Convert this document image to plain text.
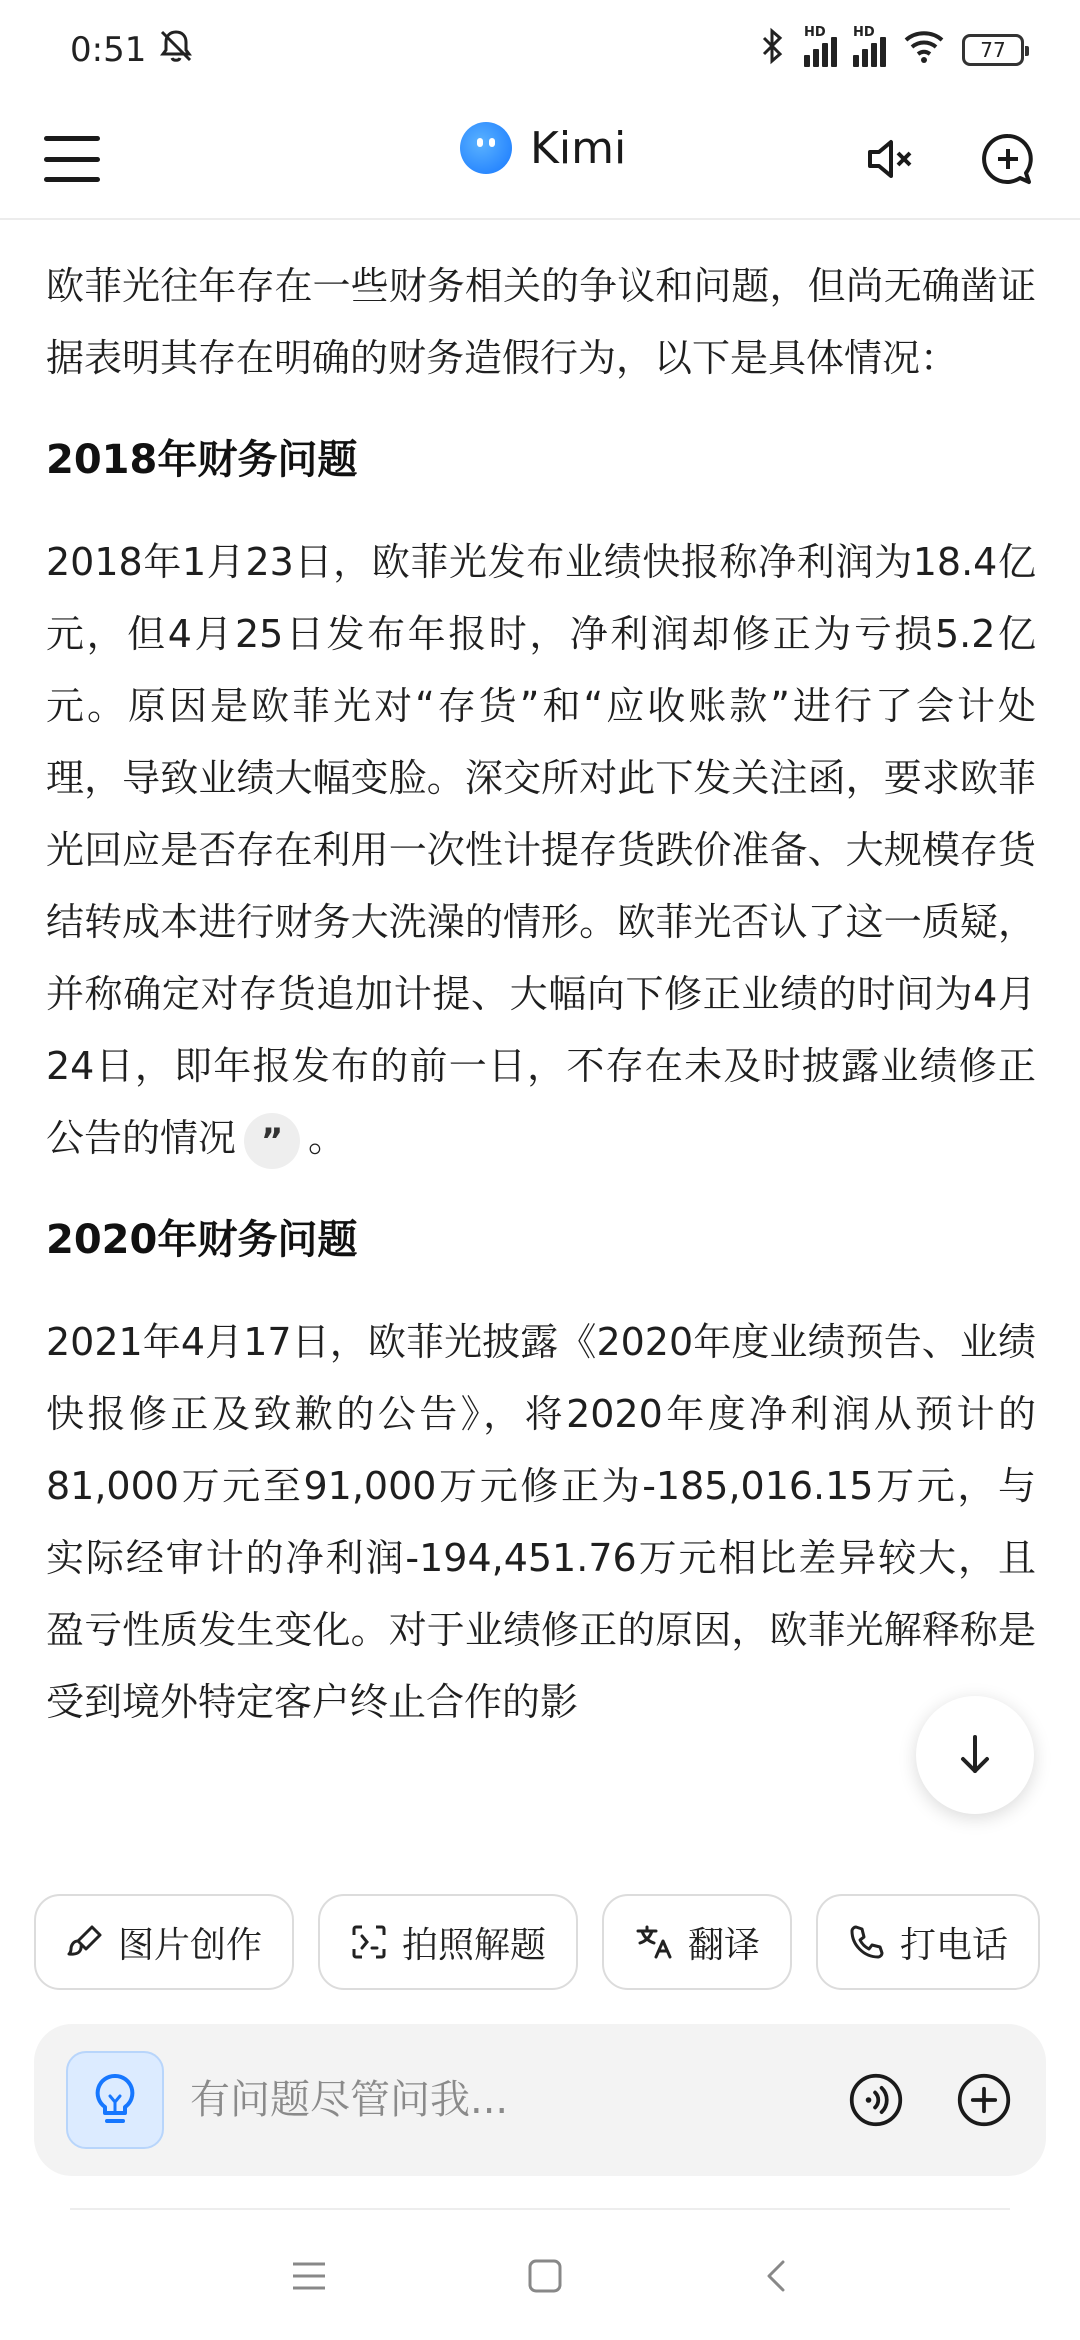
0:51	HD HD
77
Kimi

欧菲光往年存在一些财务相关的争议和问题，但尚无确凿证据表明其存在明确的财务造假行为，以下是具体情况：

2018年财务问题

2018年1月23日，欧菲光发布业绩快报称净利润为18.4亿元，但4月25日发布年报时，净利润却修正为亏损5.2亿元。原因是欧菲光对“存货”和“应收账款”进行了会计处理，导致业绩大幅变脸。深交所对此下发关注函，要求欧菲光回应是否存在利用一次性计提存货跌价准备、大规模存货结转成本进行财务大洗澡的情形。欧菲光否认了这一质疑，并称确定对存货追加计提、大幅向下修正业绩的时间为4月24日，即年报发布的前一日，不存在未及时披露业绩修正公告的情况 ” 。

2020年财务问题

2021年4月17日，欧菲光披露《2020年度业绩预告、业绩快报修正及致歉的公告》，将2020年度净利润从预计的81,000万元至91,000万元修正为-185,016.15万元，与实际经审计的净利润-194,451.76万元相比差异较大，且盈亏性质发生变化。对于业绩修正的原因，欧菲光解释称是受到境外特定客户终止合作的影

图片创作	拍照解题	翻译	打电话
有问题尽管问我...
